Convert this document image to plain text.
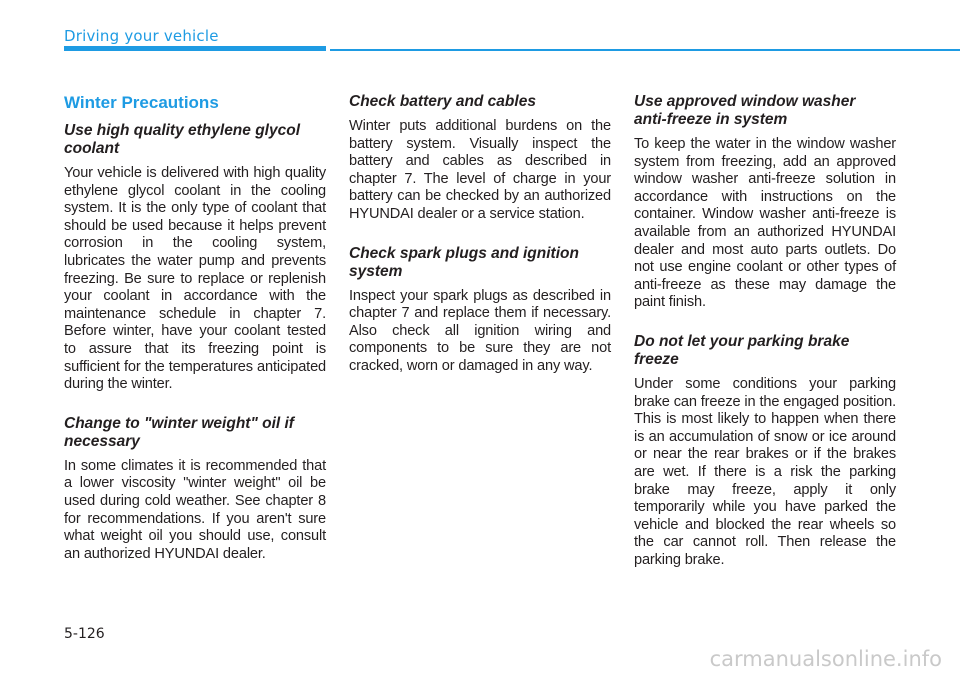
Driving your vehicle
Winter Precautions
Use high quality ethylene glycol coolant
Your vehicle is delivered with high quality ethylene glycol coolant in the cooling system. It is the only type of coolant that should be used because it helps prevent corrosion in the cooling system, lubricates the water pump and prevents freezing. Be sure to replace or replenish your coolant in accordance with the maintenance schedule in chapter 7. Before winter, have your coolant tested to assure that its freezing point is sufficient for the temperatures anticipated during the winter.
Change to "winter weight" oil if necessary
In some climates it is recommended that a lower viscosity "winter weight" oil be used during cold weather. See chapter 8 for recommendations. If you aren't sure what weight oil you should use, consult an authorized HYUNDAI dealer.
Check battery and cables
Winter puts additional burdens on the battery system. Visually inspect the battery and cables as described in chapter 7. The level of charge in your battery can be checked by an authorized HYUNDAI dealer or a service station.
Check spark plugs and ignition system
Inspect your spark plugs as described in chapter 7 and replace them if necessary. Also check all ignition wiring and components to be sure they are not cracked, worn or damaged in any way.
Use approved window washer anti-freeze in system
To keep the water in the window washer system from freezing, add an approved window washer anti-freeze solution in accordance with instructions on the container. Window washer anti-freeze is available from an authorized HYUNDAI dealer and most auto parts outlets. Do not use engine coolant or other types of anti-freeze as these may damage the paint finish.
Do not let your parking brake freeze
Under some conditions your parking brake can freeze in the engaged position. This is most likely to happen when there is an accumulation of snow or ice around or near the rear brakes or if the brakes are wet. If there is a risk the parking brake may freeze, apply it only temporarily while you have parked the vehicle and blocked the rear wheels so the car cannot roll. Then release the parking brake.
5-126
carmanualsonline.info
